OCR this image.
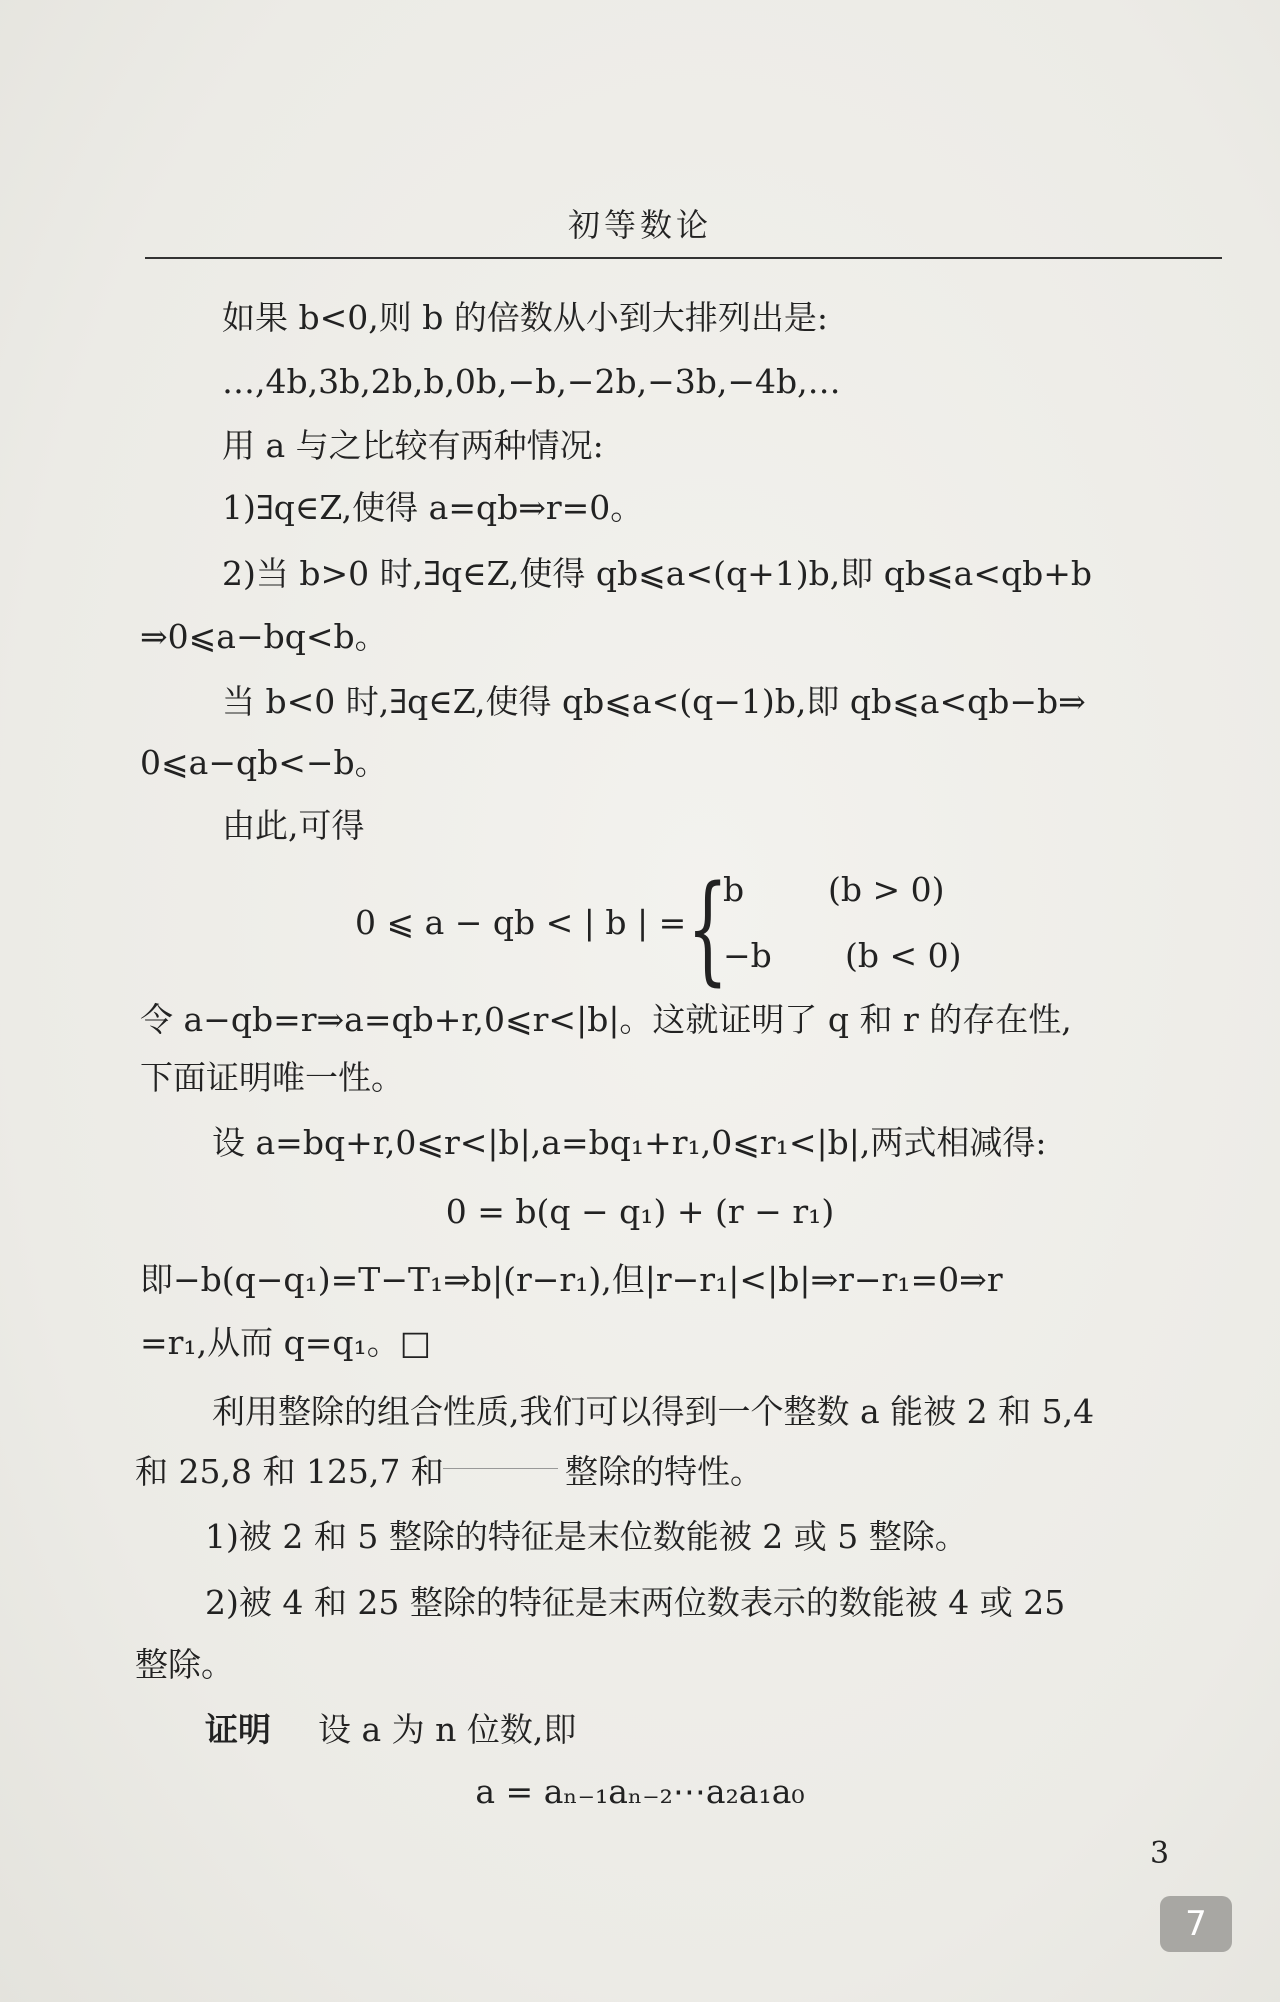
初等数论
如果 b<0,则 b 的倍数从小到大排列出是:
…,4b,3b,2b,b,0b,−b,−2b,−3b,−4b,…
用 a 与之比较有两种情况:
1)∃q∈Z,使得 a=qb⇒r=0。
2)当 b>0 时,∃q∈Z,使得 qb⩽a<(q+1)b,即 qb⩽a<qb+b
⇒0⩽a−bq<b。
当 b<0 时,∃q∈Z,使得 qb⩽a<(q−1)b,即 qb⩽a<qb−b⇒
0⩽a−qb<−b。
由此,可得
0 ⩽ a − qb < | b | = {
b	(b > 0)
−b (b < 0)
令 a−qb=r⇒a=qb+r,0⩽r<|b|。这就证明了 q 和 r 的存在性,
下面证明唯一性。
设 a=bq+r,0⩽r<|b|,a=bq₁+r₁,0⩽r₁<|b|,两式相减得:
0 = b(q − q₁) + (r − r₁)
即−b(q−q₁)=T−T₁⇒b|(r−r₁),但|r−r₁|<|b|⇒r−r₁=0⇒r
=r₁,从而 q=q₁。□
利用整除的组合性质,我们可以得到一个整数 a 能被 2 和 5,4
和 25,8 和 125,7 和	整除的特性。
1)被 2 和 5 整除的特征是末位数能被 2 或 5 整除。
2)被 4 和 25 整除的特征是末两位数表示的数能被 4 或 25
整除。
证明 设 a 为 n 位数,即
a = aₙ₋₁aₙ₋₂⋯a₂a₁a₀
3
7
